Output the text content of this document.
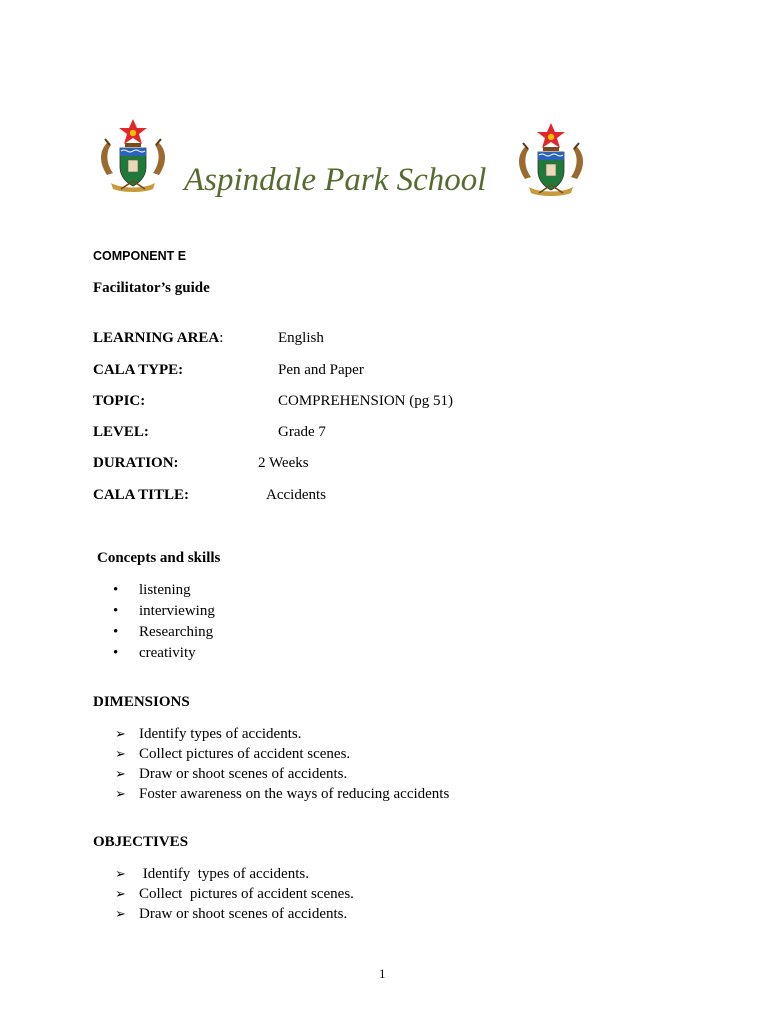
Aspindale Park School
COMPONENT E
Facilitator’s guide
LEARNING AREA:	English
CALA TYPE:	Pen and Paper
TOPIC:	COMPREHENSION (pg 51)
LEVEL:	Grade 7
DURATION:	2 Weeks
CALA TITLE:	Accidents
Concepts and skills
• listening
• interviewing
• Researching
• creativity
DIMENSIONS
➢ Identify types of accidents.
➢ Collect pictures of accident scenes.
➢ Draw or shoot scenes of accidents.
➢ Foster awareness on the ways of reducing accidents
OBJECTIVES
➢ Identify  types of accidents.
➢ Collect  pictures of accident scenes.
➢ Draw or shoot scenes of accidents.
1
